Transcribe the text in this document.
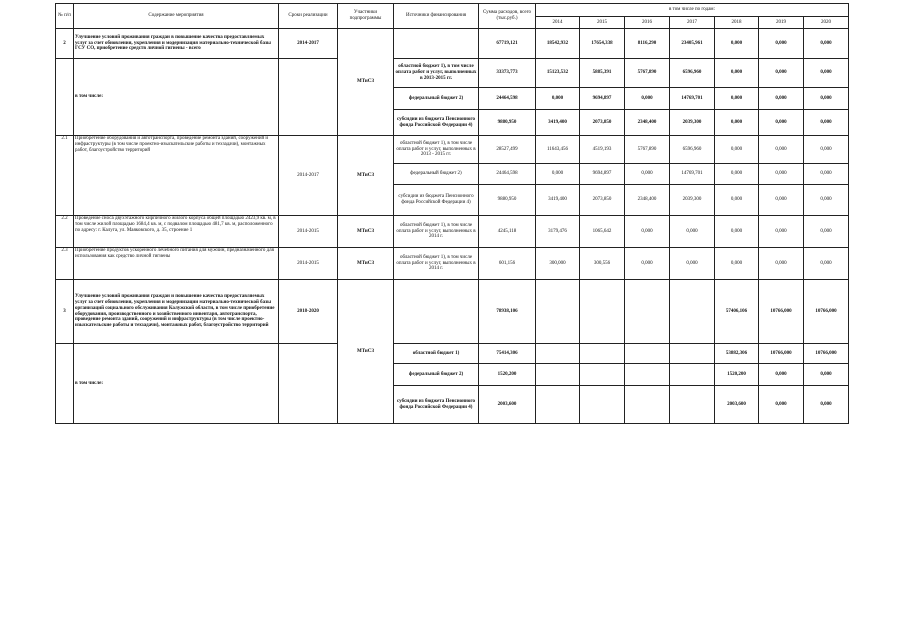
№ п/п	Содержание мероприятия	Сроки реализации	Участники подпрограммы	Источники финансирования	Сумма расходов, всего (тыс.руб.)	в том числе по годам:						
						2014	2015	2016	2017	2018	2019	2020
2	Улучшение условий проживания граждан в повышение качества предоставляемых услуг за счет обновления, укрепления и модернизация материально-технической базы ГСУ СО, приобретение средств личной гигиены - всего	2014-2017	МТиСЗ		67719,121	18542,932	17654,338	8116,290	23405,961	0,000	0,000	0,000
	в том числе:			областной бюджет 1), в том числе оплата работ и услуг, выполненных в 2013-2015 гг.	33373,773	15123,532	5885,391	5767,890	6596,960	0,000	0,000	0,000
				федеральный бюджет 2)	24464,598	0,000	9694,897	0,000	14769,701	0,000	0,000	0,000
				субсидии из бюджета Пенсионного фонда Российской Федерации 4)	9880,950	3419,400	2073,850	2348,400	2039,300	0,000	0,000	0,000
2.1	Приобретение оборудования и автотранспорта, проведение ремонта зданий, сооружений и инфраструктуры (в том числе проектно-изыскательские работы и техзадачи), монтажных работ, благоустройство территорий	2014-2017	МТиСЗ	областной бюджет 1), в том числе оплата работ и услуг, выполненных в 2013 - 2015 гг.	28527,499	11643,456	4519,193	5767,890	6596,960	0,000	0,000	0,000
				федеральный бюджет 2)	24464,598	0,000	9694,897	0,000	14769,701	0,000	0,000	0,000
				субсидии из бюджета Пенсионного фонда Российской Федерации 4)	9880,950	3419,400	2073,850	2348,400	2039,300	0,000	0,000	0,000
2.2	Проведение сноса двухэтажного кирпичного жилого корпуса общей площадью 2423,9 кв. м, в том числе жилой площадью 1684,4 кв. м, с подвалом площадью 481,7 кв. м, расположенного по адресу: г. Калуга, ул. Маяковского, д. 35, строение 1	2014-2015	МТиСЗ	областной бюджет 1), в том числе оплата работ и услуг, выполненных в 2014 г.	4245,118	3179,476	1065,642	0,000	0,000	0,000	0,000	0,000
2.3	Приобретение продуктов ускоренного лечебного питания для мужчин, предназначенного для использования как средство личной гигиены	2014-2015	МТиСЗ	областной бюджет 1), в том числе оплата работ и услуг, выполненных в 2014 г.	601,156	300,000	300,556	0,000	0,000	0,000	0,000	0,000
3	Улучшение условий проживания граждан и повышение качества предоставляемых услуг за счет обновления, укрепления и модернизации материально-технической базы организаций социального обслуживания Калужской области, в том числе приобретение оборудования, производственного и хозяйственного инвентаря, автотранспорта, проведение ремонта зданий, сооружений и инфраструктуры (в том числе проектно-изыскательские работы и техзадачи), монтажных работ, благоустройство территорий	2018-2020	МТиСЗ		78938,106					57406,106	10766,000	10766,000
	в том числе:			областной бюджет 1)	75414,306					53882,306	10766,000	10766,000
				федеральный бюджет 2)	1520,200					1520,200	0,000	0,000
				субсидии из бюджета Пенсионного фонда Российской Федерации 4)	2003,600					2003,600	0,000	0,000
